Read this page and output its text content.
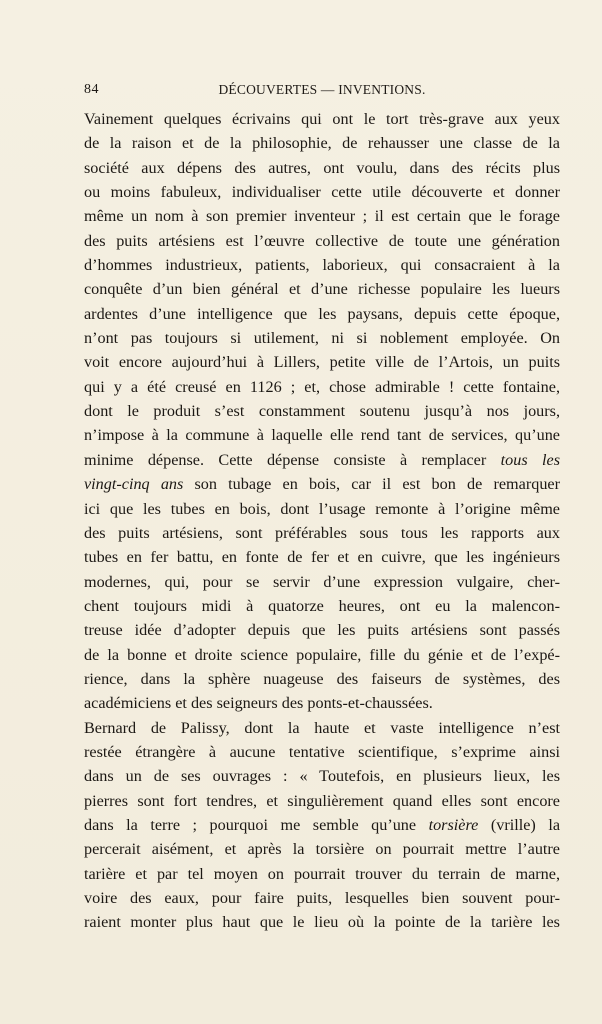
84	DÉCOUVERTES — INVENTIONS.
Vainement quelques écrivains qui ont le tort très-grave aux yeux
de la raison et de la philosophie, de rehausser une classe de la
société aux dépens des autres, ont voulu, dans des récits plus
ou moins fabuleux, individualiser cette utile découverte et donner
même un nom à son premier inventeur ; il est certain que le forage
des puits artésiens est l’œuvre collective de toute une génération
d’hommes industrieux, patients, laborieux, qui consacraient à la
conquête d’un bien général et d’une richesse populaire les lueurs
ardentes d’une intelligence que les paysans, depuis cette époque,
n’ont pas toujours si utilement, ni si noblement employée. On
voit encore aujourd’hui à Lillers, petite ville de l’Artois, un puits
qui y a été creusé en 1126 ; et, chose admirable ! cette fontaine,
dont le produit s’est constamment soutenu jusqu’à nos jours,
n’impose à la commune à laquelle elle rend tant de services, qu’une
minime dépense. Cette dépense consiste à remplacer tous les
vingt-cinq ans son tubage en bois, car il est bon de remarquer
ici que les tubes en bois, dont l’usage remonte à l’origine même
des puits artésiens, sont préférables sous tous les rapports aux
tubes en fer battu, en fonte de fer et en cuivre, que les ingénieurs
modernes, qui, pour se servir d’une expression vulgaire, cher-
chent toujours midi à quatorze heures, ont eu la malencon-
treuse idée d’adopter depuis que les puits artésiens sont passés
de la bonne et droite science populaire, fille du génie et de l’expé-
rience, dans la sphère nuageuse des faiseurs de systèmes, des
académiciens et des seigneurs des ponts-et-chaussées.
Bernard de Palissy, dont la haute et vaste intelligence n’est
restée étrangère à aucune tentative scientifique, s’exprime ainsi
dans un de ses ouvrages : « Toutefois, en plusieurs lieux, les
pierres sont fort tendres, et singulièrement quand elles sont encore
dans la terre ; pourquoi me semble qu’une torsière (vrille) la
percerait aisément, et après la torsière on pourrait mettre l’autre
tarière et par tel moyen on pourrait trouver du terrain de marne,
voire des eaux, pour faire puits, lesquelles bien souvent pour-
raient monter plus haut que le lieu où la pointe de la tarière les
